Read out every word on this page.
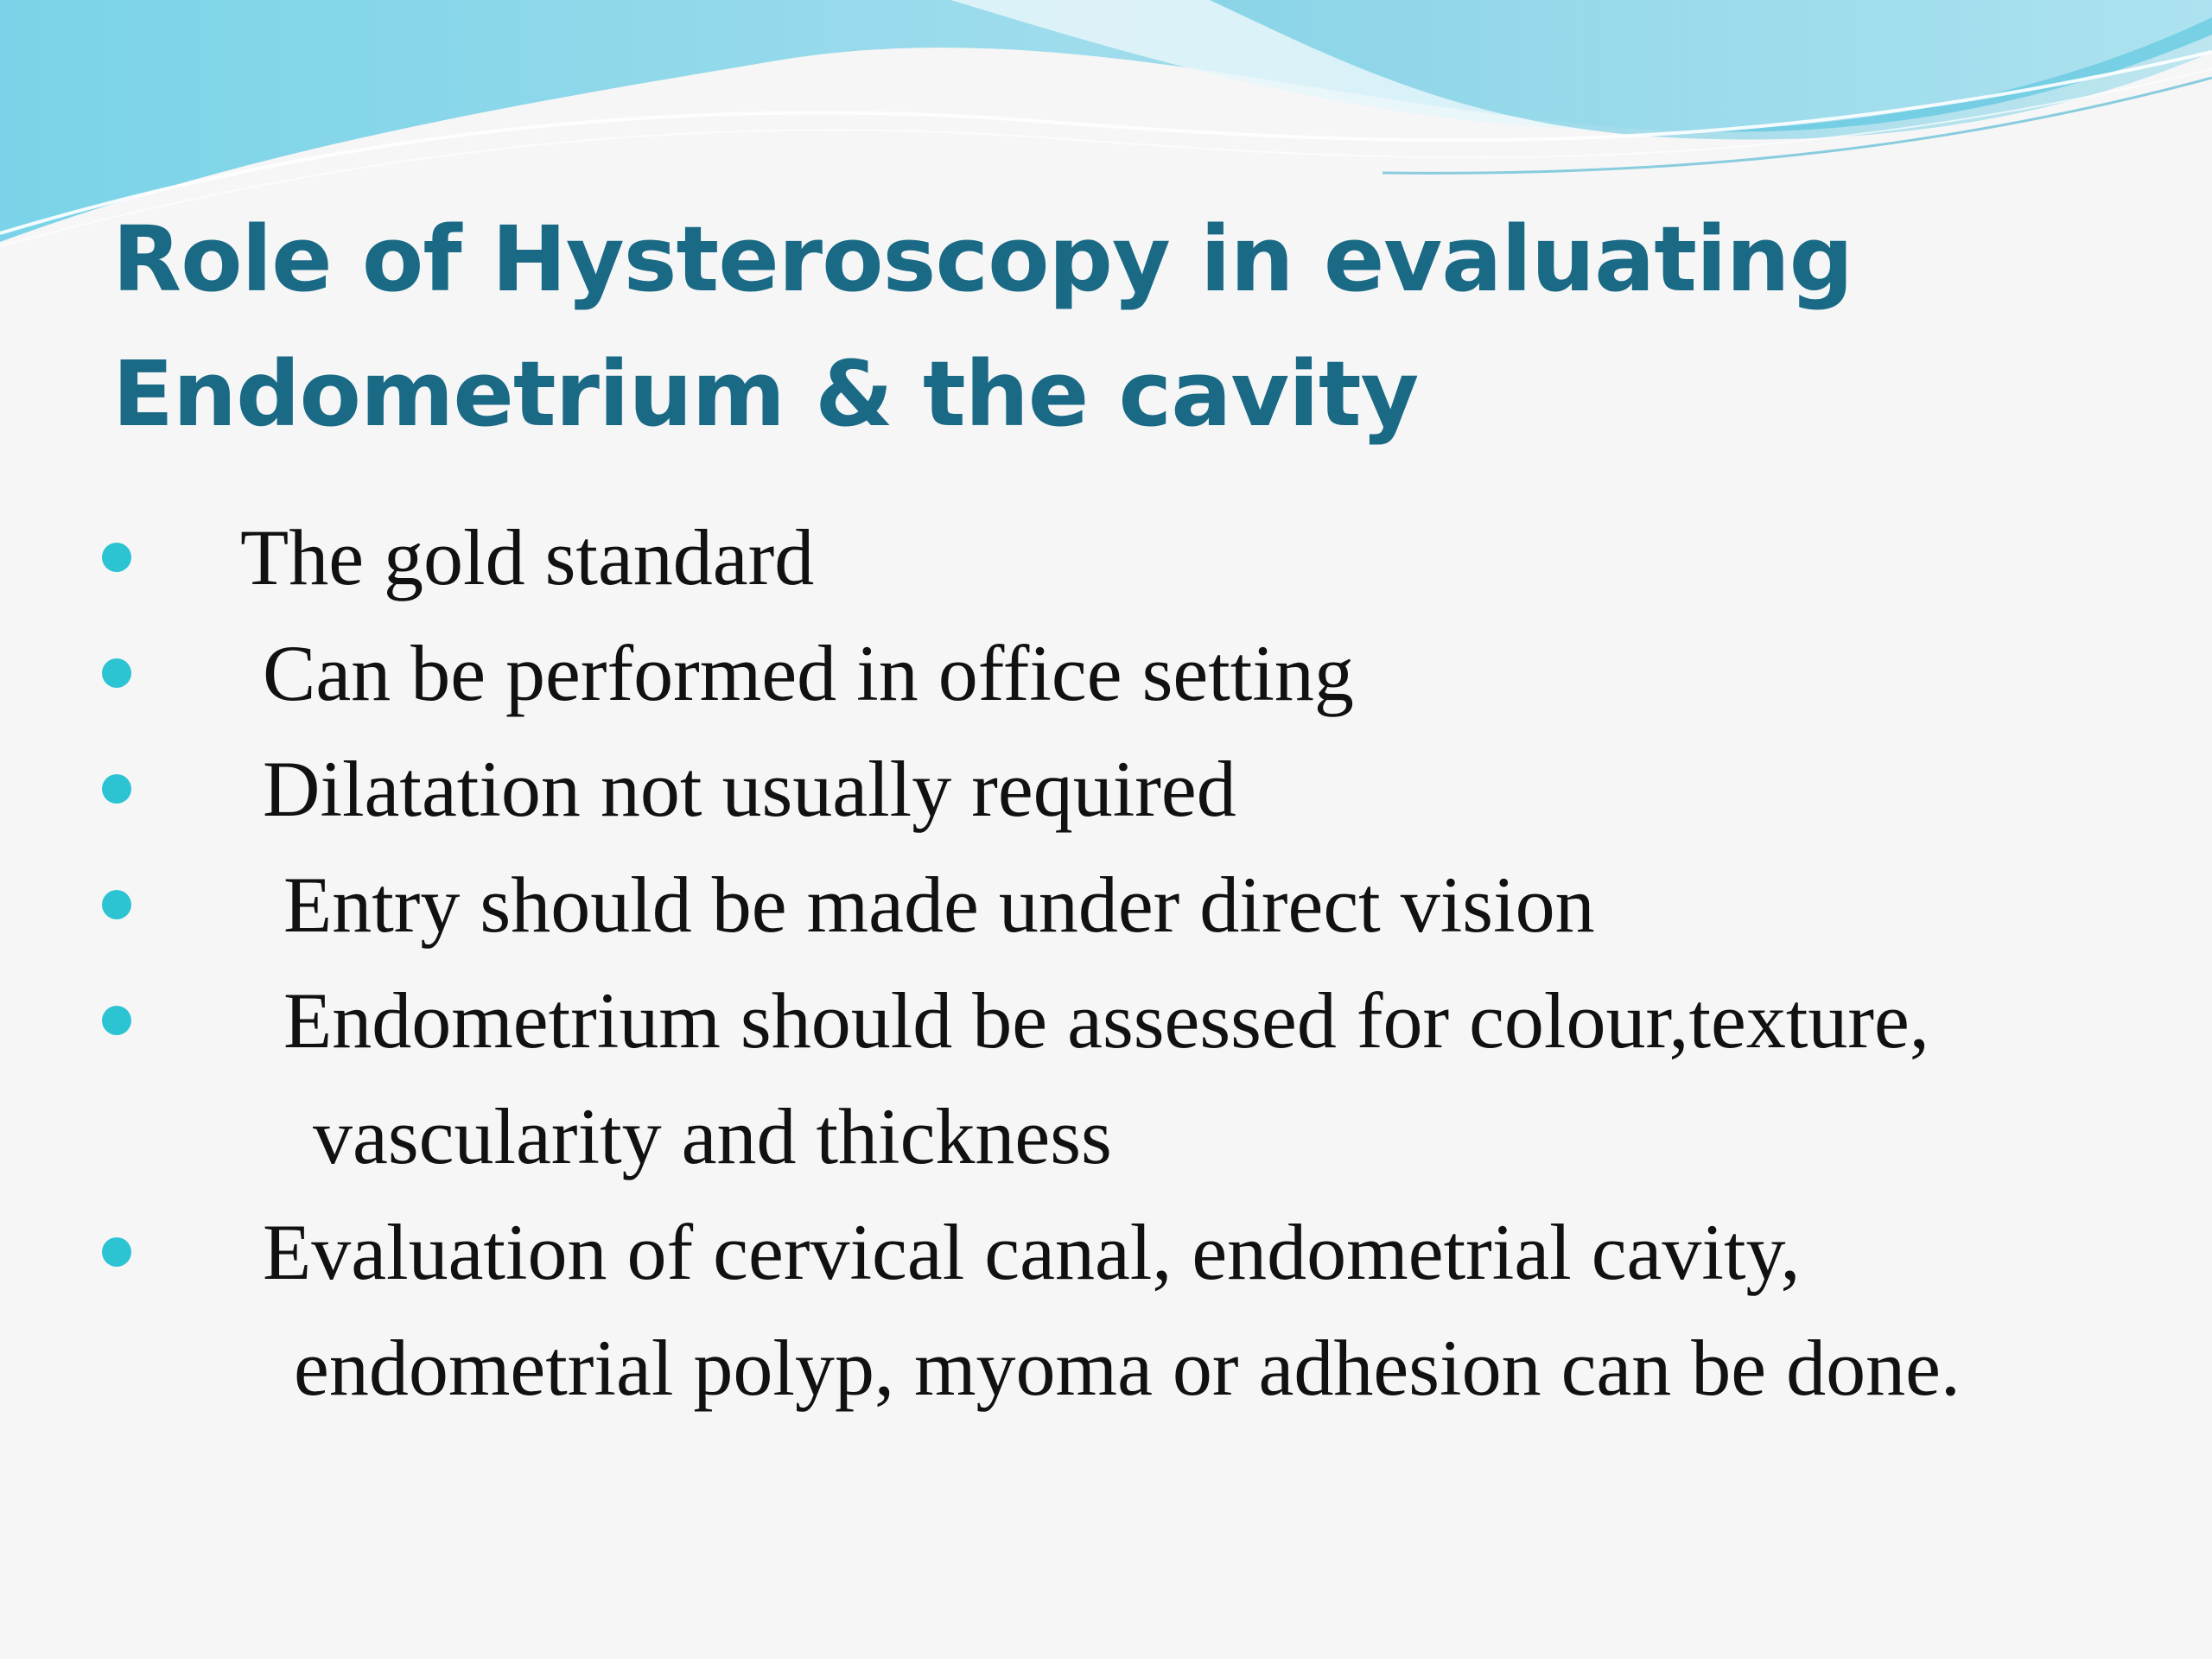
Role of Hysteroscopy in evaluating
Endometrium & the cavity
The gold standard
Can be performed in office setting
Dilatation not usually required
Entry should be made under direct vision
Endometrium should be assessed for colour,texture,
vascularity and thickness
Evaluation of cervical canal, endometrial cavity,
endometrial polyp, myoma or adhesion can be done.
